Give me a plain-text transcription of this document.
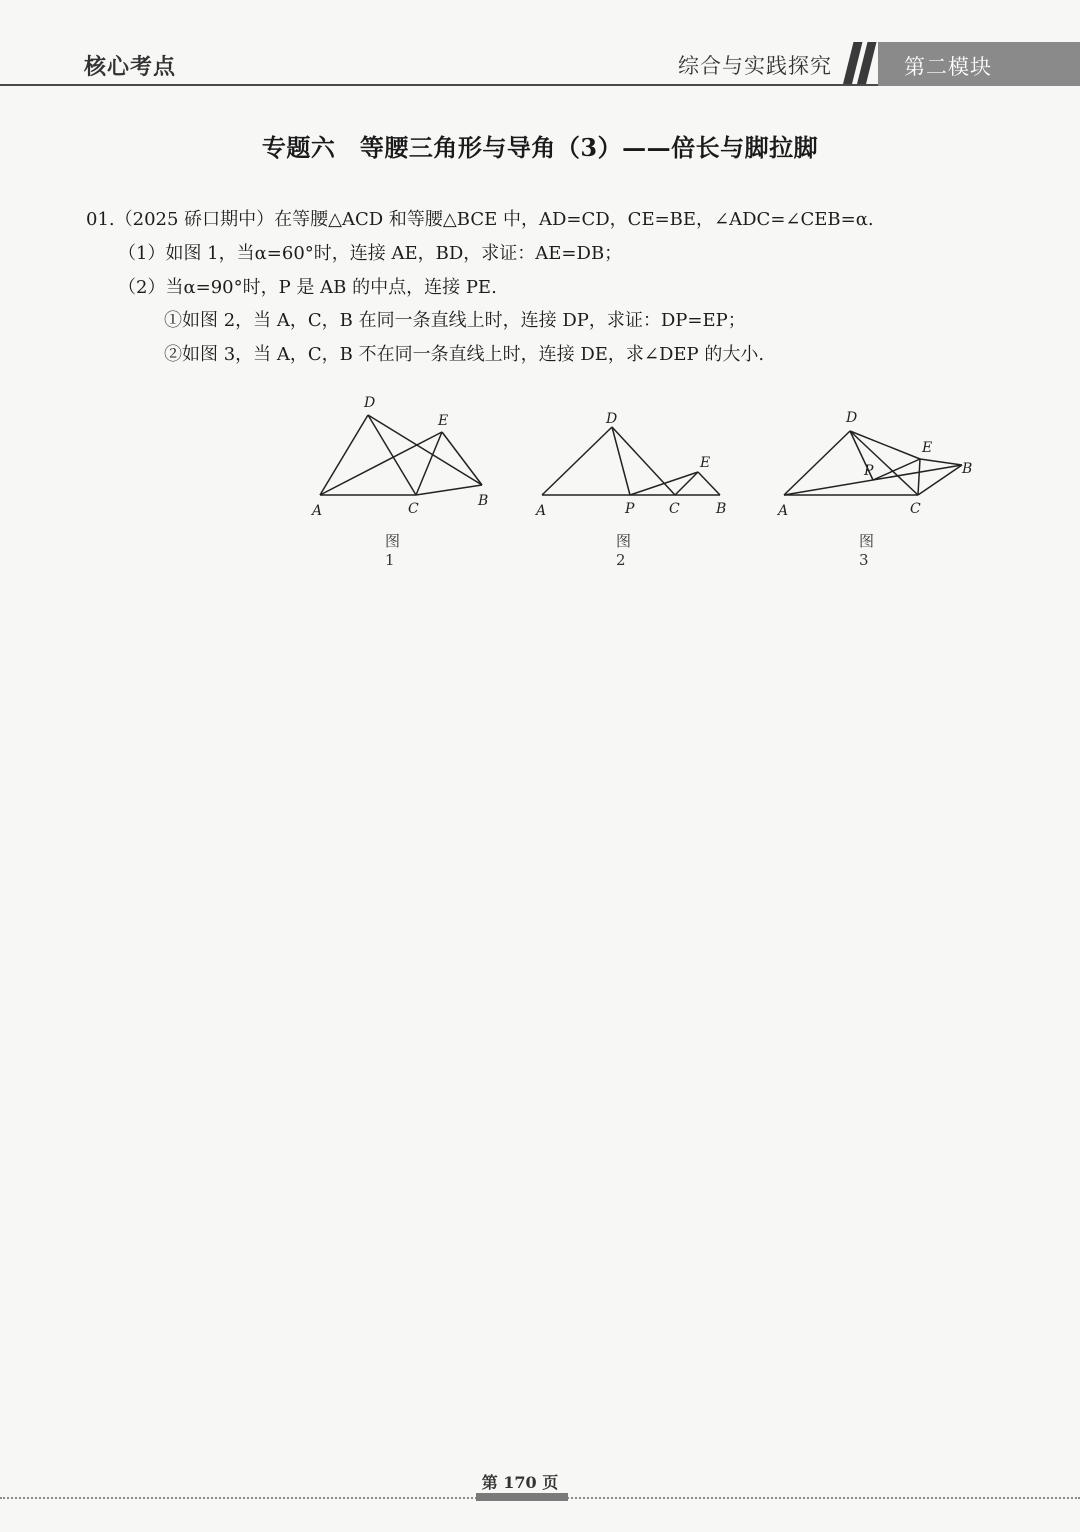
核心考点	综合与实践探究	第二模块
专题六　等腰三角形与导角（3）——倍长与脚拉脚
01.（2025 硚口期中）在等腰△ACD 和等腰△BCE 中，AD=CD，CE=BE，∠ADC=∠CEB=α.
（1）如图 1，当α=60°时，连接 AE，BD，求证：AE=DB；
（2）当α=90°时，P 是 AB 的中点，连接 PE.
①如图 2，当 A，C，B 在同一条直线上时，连接 DP，求证：DP=EP；
②如图 3，当 A，C，B 不在同一条直线上时，连接 DE，求∠DEP 的大小.
D
E
A	C	B
图 1
D
E
A	P C	B
图 2
D
E
P	B
A	C
图 3
第 170 页
